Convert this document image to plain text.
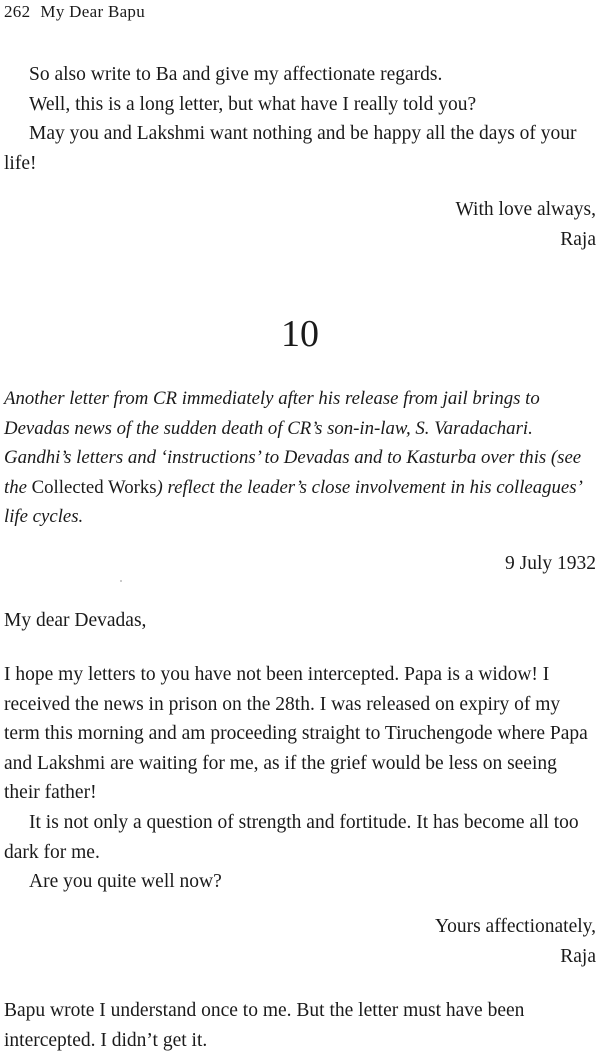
262 My Dear Bapu

So also write to Ba and give my affectionate regards.

Well, this is a long letter, but what have I really told you?

May you and Lakshmi want nothing and be happy all the days of your life!

With love always,

Raja

10

Another letter from CR immediately after his release from jail brings to Devadas news of the sudden death of CR’s son-in-law, S. Varadachari. Gandhi’s letters and ‘instructions’ to Devadas and to Kasturba over this (see the Collected Works) reflect the leader’s close involvement in his colleagues’ life cycles.

9 July 1932

My dear Devadas,

I hope my letters to you have not been intercepted. Papa is a widow! I received the news in prison on the 28th. I was released on expiry of my term this morning and am proceeding straight to Tiruchengode where Papa and Lakshmi are waiting for me, as if the grief would be less on seeing their father!

It is not only a question of strength and fortitude. It has become all too dark for me.

Are you quite well now?

Yours affectionately,

Raja

Bapu wrote I understand once to me. But the letter must have been intercepted. I didn’t get it.
